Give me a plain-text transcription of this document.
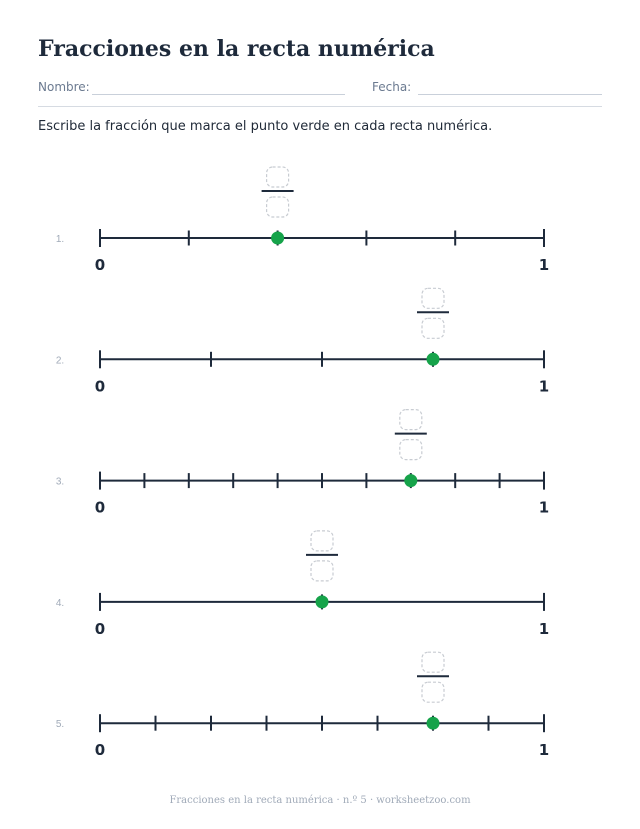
Fracciones en la recta numérica
Nombre:	Fecha:
Escribe la fracción que marca el punto verde en cada recta numérica.
1.
0	1
2.
0	1
3.
0	1
4.
0	1
5.
0	1
Fracciones en la recta numérica · n.º 5 · worksheetzoo.com
